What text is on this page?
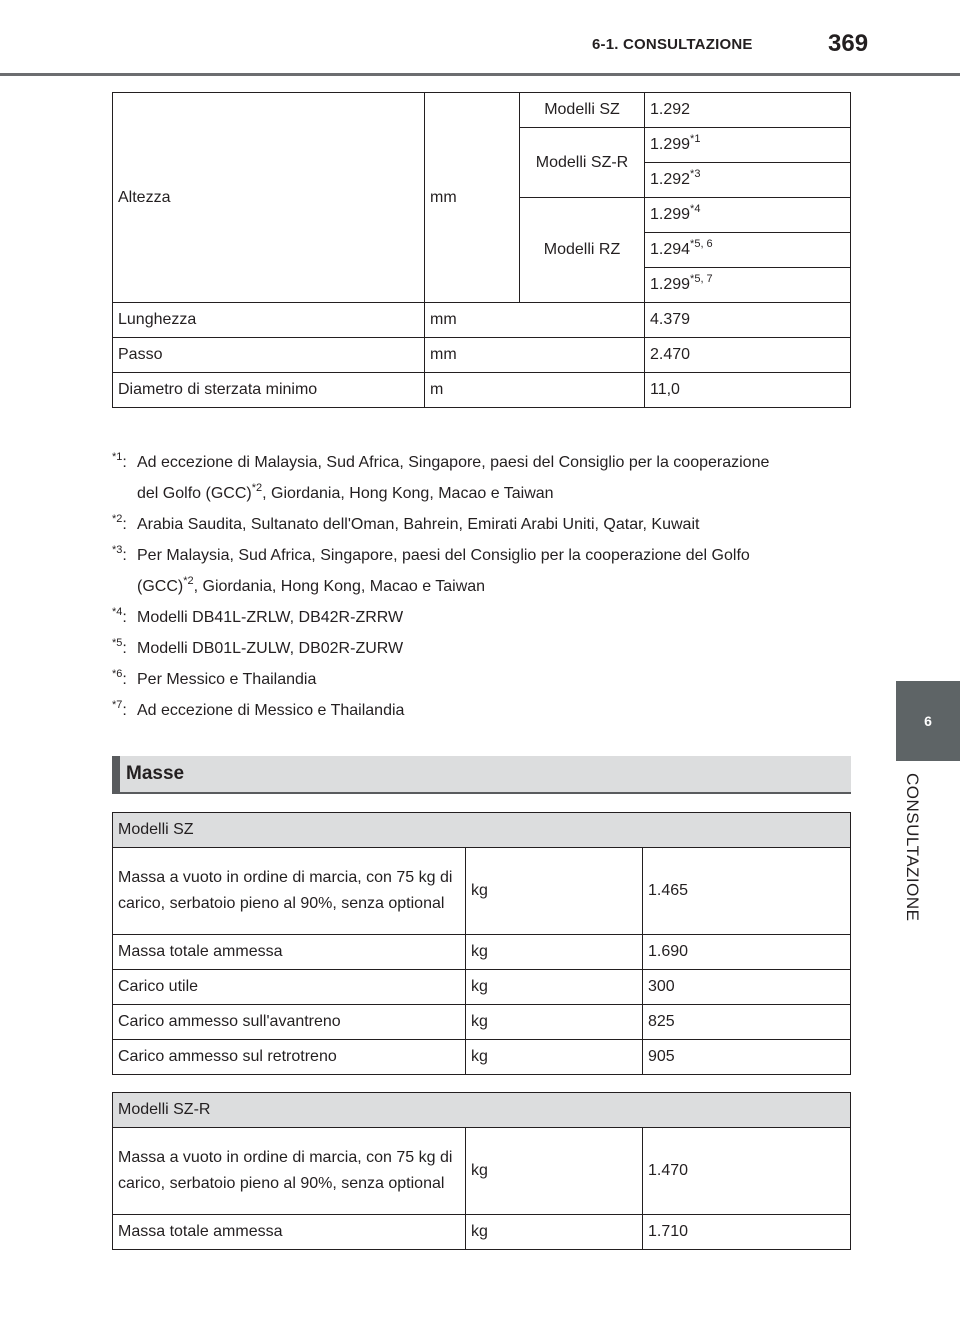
6-1. CONSULTAZIONE	369
6
CONSULTAZIONE
Altezza	mm	Modelli SZ	1.292
		Modelli SZ-R	1.299$^{*1}$
			1.292$^{*3}$
		Modelli RZ	1.299$^{*4}$
			1.294$^{*5, 6}$
			1.299$^{*5, 7}$
Lunghezza	mm		4.379
Passo	mm		2.470
Diametro di sterzata minimo	m		11,0
$^{*1}$: Ad eccezione di Malaysia, Sud Africa, Singapore, paesi del Consiglio per la cooperazione
del Golfo (GCC)$^{*2}$, Giordania, Hong Kong, Macao e Taiwan
$^{*2}$: Arabia Saudita, Sultanato dell'Oman, Bahrein, Emirati Arabi Uniti, Qatar, Kuwait
$^{*3}$: Per Malaysia, Sud Africa, Singapore, paesi del Consiglio per la cooperazione del Golfo
(GCC)$^{*2}$, Giordania, Hong Kong, Macao e Taiwan
$^{*4}$: Modelli DB41L-ZRLW, DB42R-ZRRW
$^{*5}$: Modelli DB01L-ZULW, DB02R-ZURW
$^{*6}$: Per Messico e Thailandia
$^{*7}$: Ad eccezione di Messico e Thailandia
Masse
Modelli SZ		
Massa a vuoto in ordine di marcia, con 75 kg di carico, serbatoio pieno al 90%, senza optional	kg	1.465
Massa totale ammessa	kg	1.690
Carico utile	kg	300
Carico ammesso sull'avantreno	kg	825
Carico ammesso sul retrotreno	kg	905
Modelli SZ-R		
Massa a vuoto in ordine di marcia, con 75 kg di carico, serbatoio pieno al 90%, senza optional	kg	1.470
Massa totale ammessa	kg	1.710
